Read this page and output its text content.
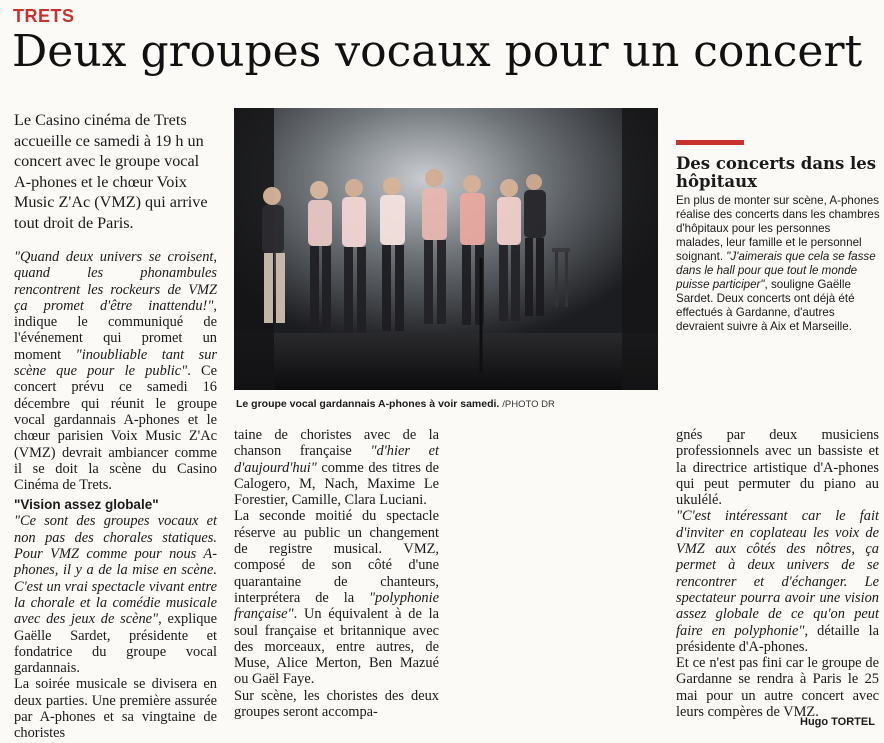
TRETS
Deux groupes vocaux pour un concert
Le Casino cinéma de Trets accueille ce samedi à 19 h un concert avec le groupe vocal A-phones et le chœur Voix Music Z'Ac (VMZ) qui arrive tout droit de Paris.

"Quand deux univers se croisent, quand les phonambules rencontrent les rockeurs de VMZ ça promet d'être inattendu!", indique le communiqué de l'événement qui promet un moment "inoubliable tant sur scène que pour le public". Ce concert prévu ce samedi 16 décembre qui réunit le groupe vocal gardannais A-phones et le chœur parisien Voix Music Z'Ac (VMZ) devrait ambiancer comme il se doit la scène du Casino Cinéma de Trets.

"Vision assez globale"

"Ce sont des groupes vocaux et non pas des chorales statiques. Pour VMZ comme pour nous A-phones, il y a de la mise en scène. C'est un vrai spectacle vivant entre la chorale et la comédie musicale avec des jeux de scène", explique Gaëlle Sardet, présidente et fondatrice du groupe vocal gardannais.

La soirée musicale se divisera en deux parties. Une première assurée par A-phones et sa vingtaine de choristes

Le groupe vocal gardannais A-phones à voir samedi. /PHOTO DR
Des concerts dans les hôpitaux

En plus de monter sur scène, A-phones réalise des concerts dans les chambres d'hôpitaux pour les personnes malades, leur famille et le personnel soignant. "J'aimerais que cela se fasse dans le hall pour que tout le monde puisse participer", souligne Gaëlle Sardet. Deux concerts ont déjà été effectués à Gardanne, d'autres devraient suivre à Aix et Marseille.

taine de choristes avec de la chanson française "d'hier et d'aujourd'hui" comme des titres de Calogero, M, Nach, Maxime Le Forestier, Camille, Clara Luciani.

La seconde moitié du spectacle réserve au public un changement de registre musical. VMZ, composé de son côté d'une quarantaine de chanteurs, interprétera de la "polyphonie française". Un équivalent à de la soul française et britannique avec des morceaux, entre autres, de Muse, Alice Merton, Ben Mazué ou Gaël Faye.

Sur scène, les choristes des deux groupes seront accompa-

gnés par deux musiciens professionnels avec un bassiste et la directrice artistique d'A-phones qui peut permuter du piano au ukulélé.

"C'est intéressant car le fait d'inviter en coplateau les voix de VMZ aux côtés des nôtres, ça permet à deux univers de se rencontrer et d'échanger. Le spectateur pourra avoir une vision assez globale de ce qu'on peut faire en polyphonie", détaille la présidente d'A-phones.

Et ce n'est pas fini car le groupe de Gardanne se rendra à Paris le 25 mai pour un autre concert avec leurs compères de VMZ.

Hugo TORTEL
